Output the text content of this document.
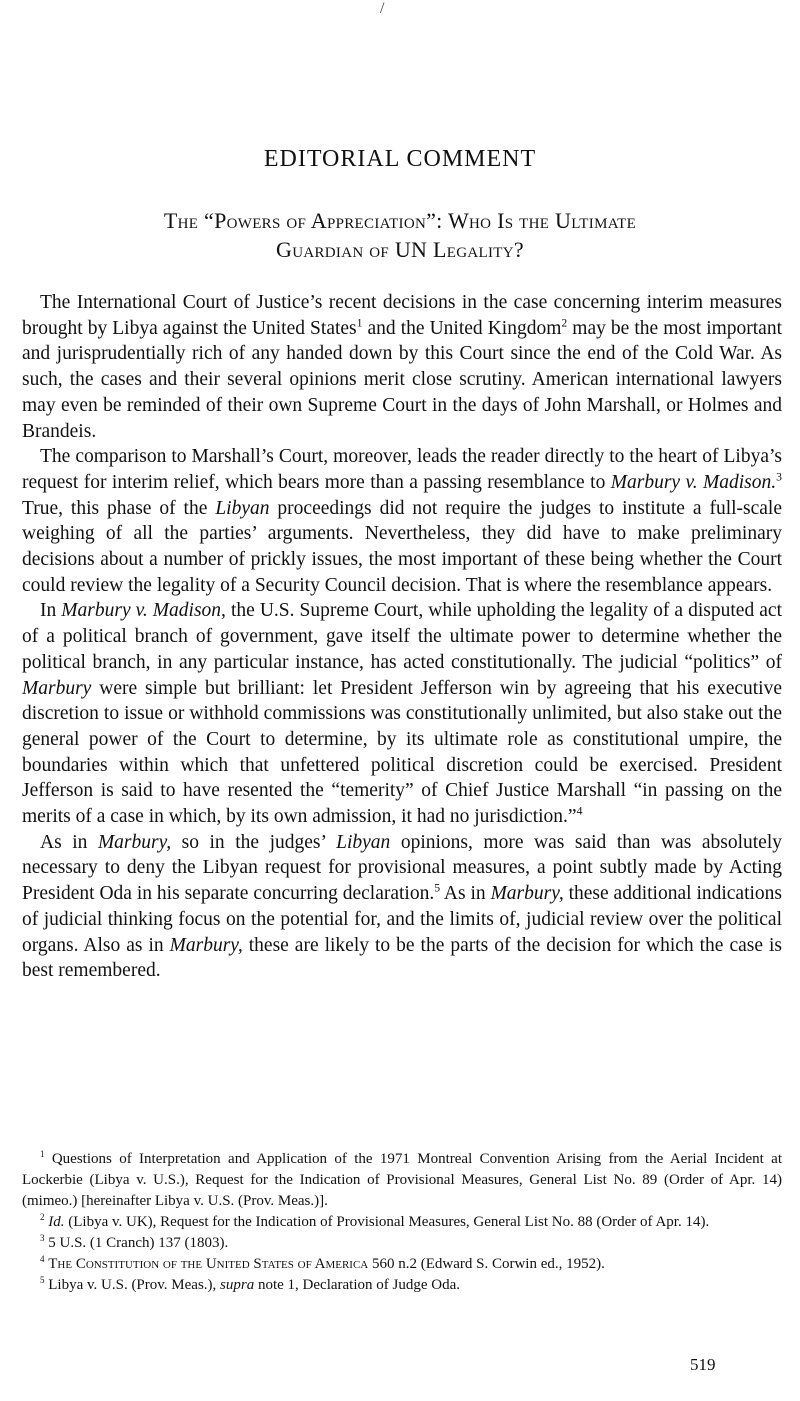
/
EDITORIAL COMMENT
The “Powers of Appreciation”: Who Is the Ultimate
Guardian of UN Legality?

The International Court of Justice’s recent decisions in the case concerning interim measures brought by Libya against the United States$^1$ and the United Kingdom$^2$ may be the most important and jurisprudentially rich of any handed down by this Court since the end of the Cold War. As such, the cases and their several opinions merit close scrutiny. American international lawyers may even be reminded of their own Supreme Court in the days of John Marshall, or Holmes and Brandeis.

The comparison to Marshall’s Court, moreover, leads the reader directly to the heart of Libya’s request for interim relief, which bears more than a passing resemblance to Marbury v. Madison.$^3$ True, this phase of the Libyan proceedings did not require the judges to institute a full-scale weighing of all the parties’ arguments. Nevertheless, they did have to make preliminary decisions about a number of prickly issues, the most important of these being whether the Court could review the legality of a Security Council decision. That is where the resemblance appears.

In Marbury v. Madison, the U.S. Supreme Court, while upholding the legality of a disputed act of a political branch of government, gave itself the ultimate power to determine whether the political branch, in any particular instance, has acted constitutionally. The judicial “politics” of Marbury were simple but brilliant: let President Jefferson win by agreeing that his executive discretion to issue or withhold commissions was constitutionally unlimited, but also stake out the general power of the Court to determine, by its ultimate role as constitutional umpire, the boundaries within which that unfettered political discretion could be exercised. President Jefferson is said to have resented the “temerity” of Chief Justice Marshall “in passing on the merits of a case in which, by its own admission, it had no jurisdiction.”$^4$

As in Marbury, so in the judges’ Libyan opinions, more was said than was absolutely necessary to deny the Libyan request for provisional measures, a point subtly made by Acting President Oda in his separate concurring declaration.$^5$ As in Marbury, these additional indications of judicial thinking focus on the potential for, and the limits of, judicial review over the political organs. Also as in Marbury, these are likely to be the parts of the decision for which the case is best remembered.

$^1$ Questions of Interpretation and Application of the 1971 Montreal Convention Arising from the Aerial Incident at Lockerbie (Libya v. U.S.), Request for the Indication of Provisional Measures, General List No. 89 (Order of Apr. 14) (mimeo.) [hereinafter Libya v. U.S. (Prov. Meas.)].

$^2$ Id. (Libya v. UK), Request for the Indication of Provisional Measures, General List No. 88 (Order of Apr. 14).

$^3$ 5 U.S. (1 Cranch) 137 (1803).

$^4$ The Constitution of the United States of America 560 n.2 (Edward S. Corwin ed., 1952).

$^5$ Libya v. U.S. (Prov. Meas.), supra note 1, Declaration of Judge Oda.

519
